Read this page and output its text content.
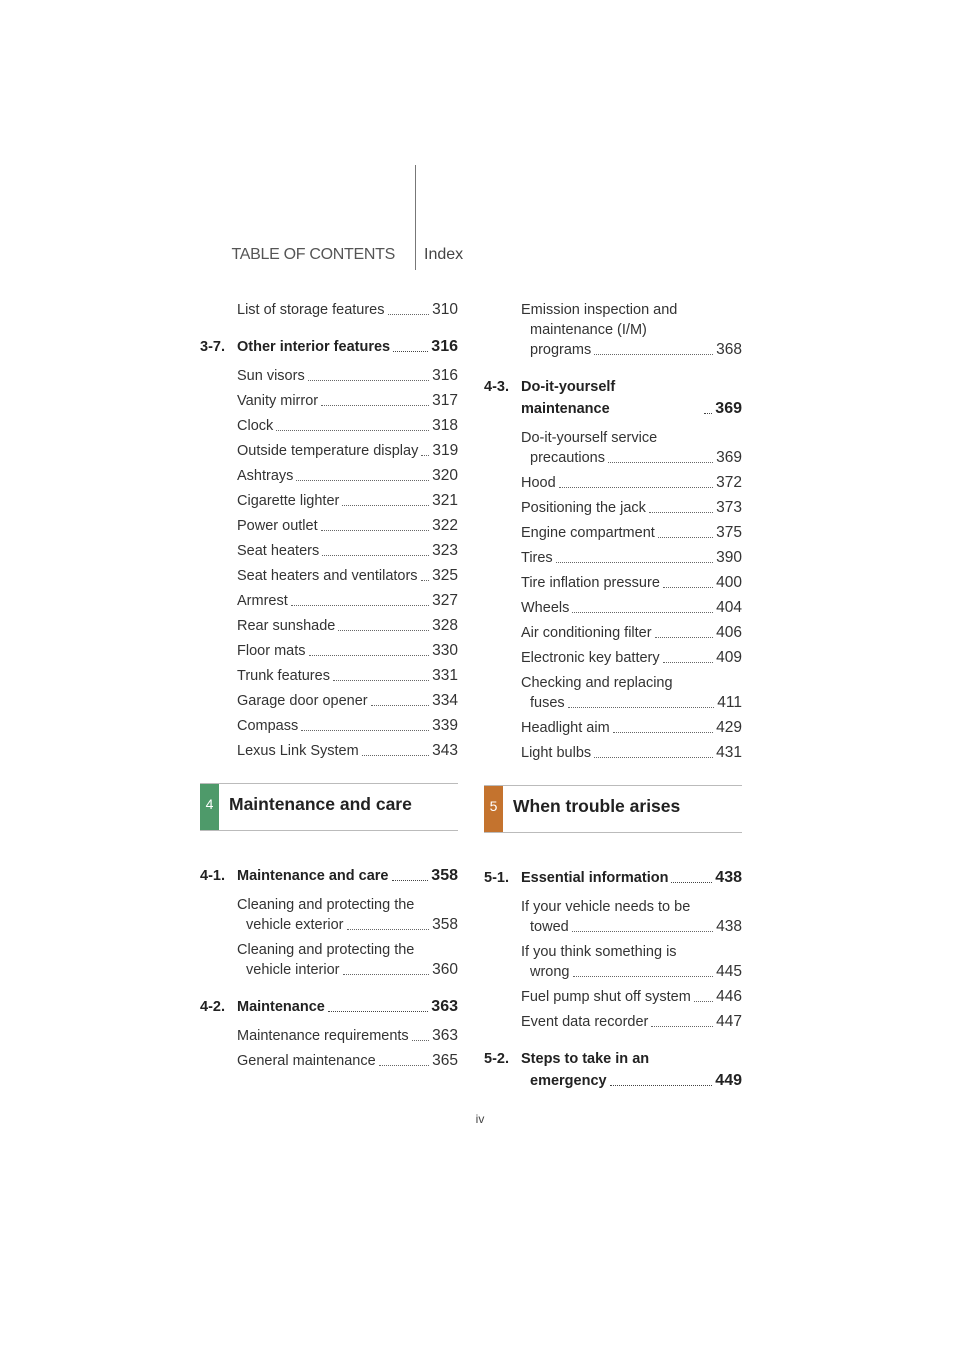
TABLE OF CONTENTS Index
List of storage features	310
3-7. Other interior features	316
Sun visors	316
Vanity mirror	317
Clock	318
Outside temperature display 319
Ashtrays	320
Cigarette lighter	321
Power outlet	322
Seat heaters	323
Seat heaters and ventilators 325
Armrest	327
Rear sunshade	328
Floor mats	330
Trunk features	331
Garage door opener	334
Compass	339
Lexus Link System	343
4 Maintenance and care
4-1. Maintenance and care	358
Cleaning and protecting the
vehicle exterior	358
Cleaning and protecting the
vehicle interior	360
4-2. Maintenance	363
Maintenance requirements 363
General maintenance	365
Emission inspection and
maintenance (I/M)
programs	368
4-3. Do-it-yourself maintenance	369
Do-it-yourself service
precautions	369
Hood	372
Positioning the jack	373
Engine compartment	375
Tires	390
Tire inflation pressure	400
Wheels	404
Air conditioning filter	406
Electronic key battery	409
Checking and replacing
fuses	411
Headlight aim	429
Light bulbs	431
5 When trouble arises
5-1. Essential information	438
If your vehicle needs to be
towed	438
If you think something is
wrong	445
Fuel pump shut off system 446
Event data recorder	447
5-2. Steps to take in an
emergency	449
iv
